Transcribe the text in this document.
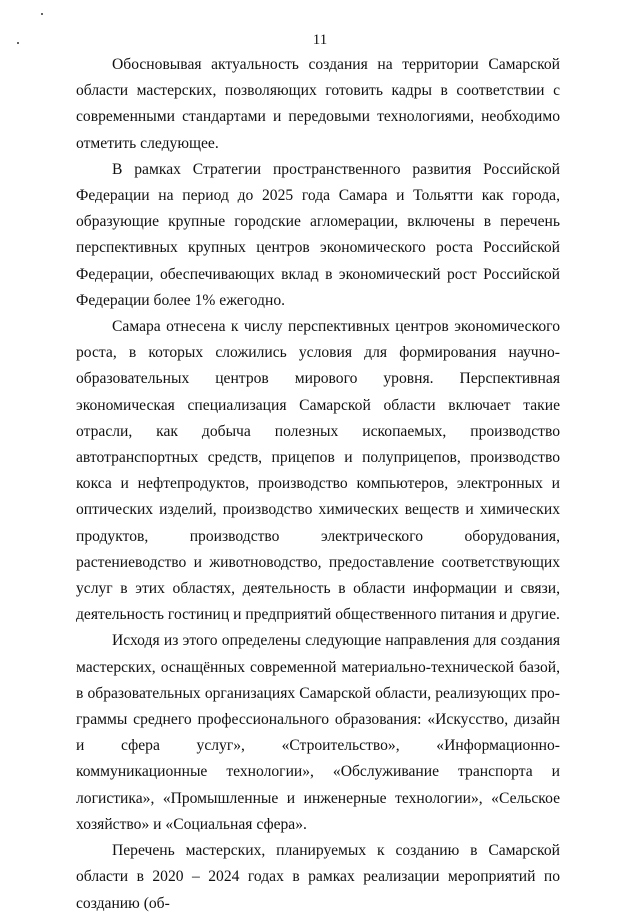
11

Обосновывая актуальность создания на территории Самарской области мастерских, позволяющих готовить кадры в соответствии с современными стандартами и передовыми технологиями, необходимо отметить следующее.

В рамках Стратегии пространственного развития Российской Федерации на период до 2025 года Самара и Тольятти как города, образующие крупные городские агломерации, включены в перечень перспективных крупных центров экономического роста Российской Федерации, обеспечивающих вклад в экономический рост Российской Федерации более 1% ежегодно.

Самара отнесена к числу перспективных центров экономического роста, в которых сложились условия для формирования научно-образовательных центров мирового уровня. Перспективная экономическая специализация Самарской области включает такие отрасли, как добыча полезных ископаемых, производство автотранспортных средств, прицепов и полуприцепов, производство кокса и нефтепродуктов, производство компьютеров, электронных и оптических изделий, производство химических веществ и химических продуктов, производство электрического оборудования, растениеводство и животноводство, предоставление соответствующих услуг в этих областях, деятельность в области информации и связи, деятельность гостиниц и предприятий общественного питания и другие.

Исходя из этого определены следующие направления для создания мастерских, оснащённых современной материально-технической базой, в образовательных организациях Самарской области, реализующих программы среднего профессионального образования: «Искусство, дизайн и сфера услуг», «Строительство», «Информационно-коммуникационные технологии», «Обслуживание транспорта и логистика», «Промышленные и инженерные технологии», «Сельское хозяйство» и «Социальная сфера».

Перечень мастерских, планируемых к созданию в Самарской области в 2020 – 2024 годах в рамках реализации мероприятий по созданию (об-
